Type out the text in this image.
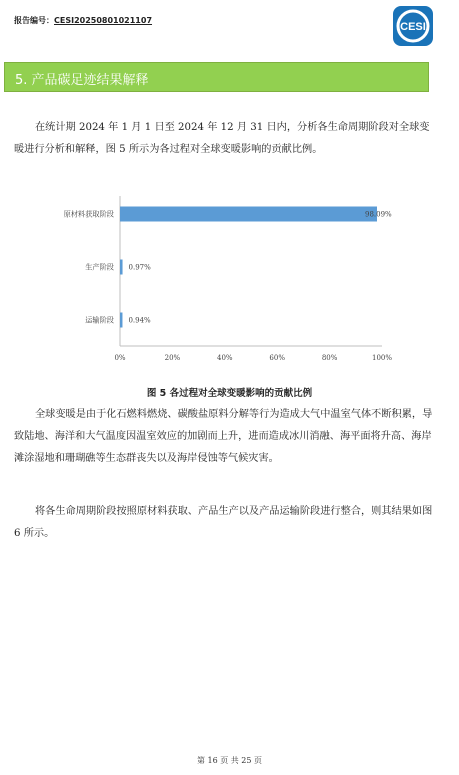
报告编号：CESI20250801021107
CESI
5. 产品碳足迹结果解释
在统计期 2024 年 1 月 1 日至 2024 年 12 月 31 日内，分析各生命周期阶段对全球变暖进行分析和解释，图 5 所示为各过程对全球变暖影响的贡献比例。
0%	20%	40%	60%	80%	100%
原材料获取阶段	98.09%
生产阶段 0.97%
运输阶段 0.94%
图 5 各过程对全球变暖影响的贡献比例
全球变暖是由于化石燃料燃烧、碳酸盐原料分解等行为造成大气中温室气体不断积累，导致陆地、海洋和大气温度因温室效应的加剧而上升，进而造成冰川消融、海平面将升高、海岸滩涂湿地和珊瑚礁等生态群丧失以及海岸侵蚀等气候灾害。
将各生命周期阶段按照原材料获取、产品生产以及产品运输阶段进行整合，则其结果如图 6 所示。
第 16 页 共 25 页
